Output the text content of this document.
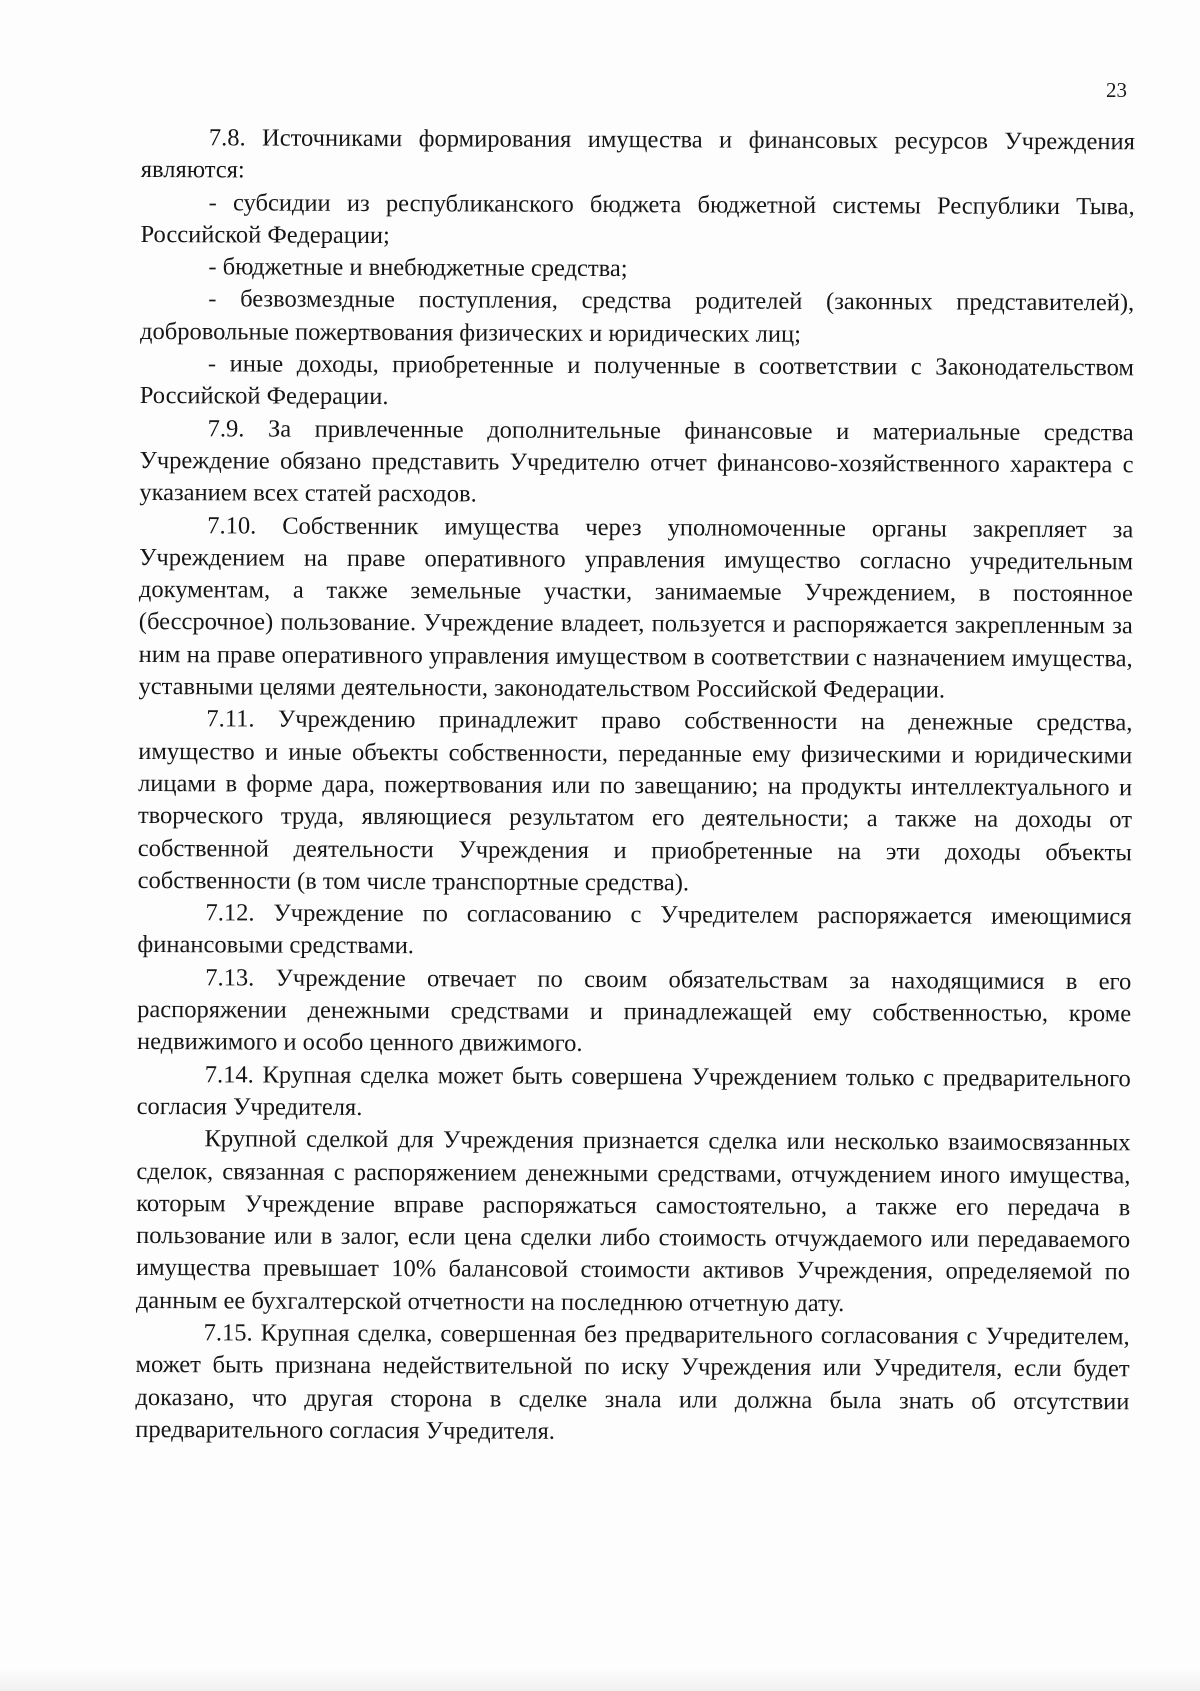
23

7.8. Источниками формирования имущества и финансовых ресурсов Учреждения являются:

- субсидии из республиканского бюджета бюджетной системы Республики Тыва, Российской Федерации;

- бюджетные и внебюджетные средства;

- безвозмездные поступления, средства родителей (законных представителей), добровольные пожертвования физических и юридических лиц;

- иные доходы, приобретенные и полученные в соответствии с Законодательством Российской Федерации.

7.9. За привлеченные дополнительные финансовые и материальные средства Учреждение обязано представить Учредителю отчет финансово-хозяйственного характера с указанием всех статей расходов.

7.10. Собственник имущества через уполномоченные органы закрепляет за Учреждением на праве оперативного управления имущество согласно учредительным документам, а также земельные участки, занимаемые Учреждением, в постоянное (бессрочное) пользование. Учреждение владеет, пользуется и распоряжается закрепленным за ним на праве оперативного управления имуществом в соответствии с назначением имущества, уставными целями деятельности, законодательством Российской Федерации.

7.11. Учреждению принадлежит право собственности на денежные средства, имущество и иные объекты собственности, переданные ему физическими и юридическими лицами в форме дара, пожертвования или по завещанию; на продукты интеллектуального и творческого труда, являющиеся результатом его деятельности; а также на доходы от собственной деятельности Учреждения и приобретенные на эти доходы объекты собственности (в том числе транспортные средства).

7.12. Учреждение по согласованию с Учредителем распоряжается имеющимися финансовыми средствами.

7.13. Учреждение отвечает по своим обязательствам за находящимися в его распоряжении денежными средствами и принадлежащей ему собственностью, кроме недвижимого и особо ценного движимого.

7.14. Крупная сделка может быть совершена Учреждением только с предварительного согласия Учредителя.

Крупной сделкой для Учреждения признается сделка или несколько взаимосвязанных сделок, связанная с распоряжением денежными средствами, отчуждением иного имущества, которым Учреждение вправе распоряжаться самостоятельно, а также его передача в пользование или в залог, если цена сделки либо стоимость отчуждаемого или передаваемого имущества превышает 10% балансовой стоимости активов Учреждения, определяемой по данным ее бухгалтерской отчетности на последнюю отчетную дату.

7.15. Крупная сделка, совершенная без предварительного согласования с Учредителем, может быть признана недействительной по иску Учреждения или Учредителя, если будет доказано, что другая сторона в сделке знала или должна была знать об отсутствии предварительного согласия Учредителя.
